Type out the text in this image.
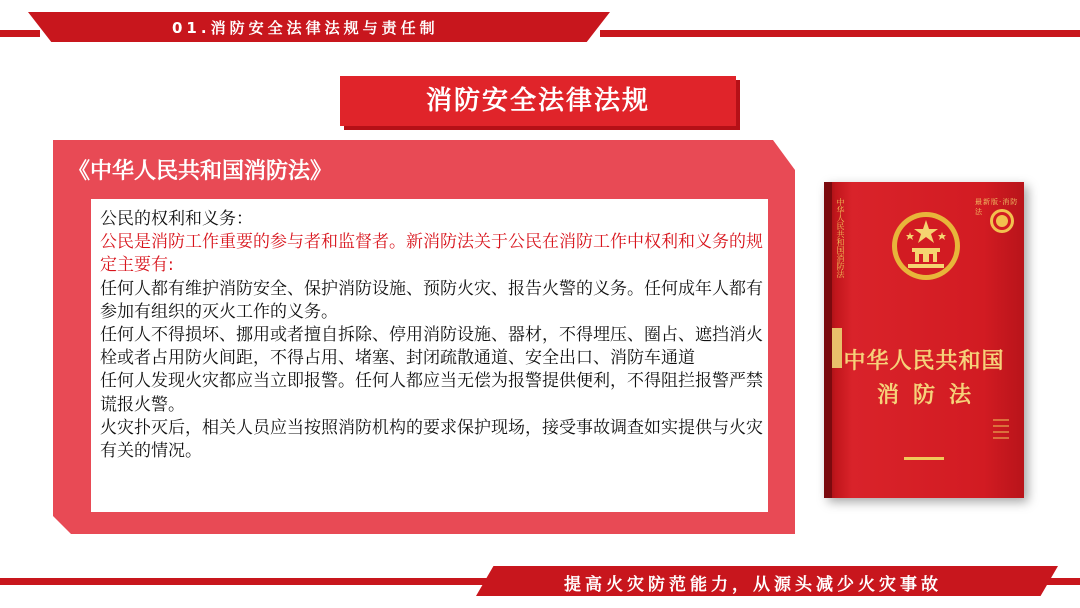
01.消防安全法律法规与责任制
消防安全法律法规
《中华人民共和国消防法》

公民的权利和义务：

公民是消防工作重要的参与者和监督者。新消防法关于公民在消防工作中权利和义务的规定主要有:

任何人都有维护消防安全、保护消防设施、预防火灾、报告火警的义务。任何成年人都有参加有组织的灭火工作的义务。

任何人不得损坏、挪用或者擅自拆除、停用消防设施、器材，不得埋压、圈占、遮挡消火栓或者占用防火间距，不得占用、堵塞、封闭疏散通道、安全出口、消防车通道

任何人发现火灾都应当立即报警。任何人都应当无偿为报警提供便利，不得阻拦报警严禁谎报火警。

火灾扑灭后，相关人员应当按照消防机构的要求保护现场，接受事故调查如实提供与火灾有关的情况。

中华人民共和国消防法	最新版·消防法
中华人民共和国
消防法
提高火灾防范能力，从源头减少火灾事故
